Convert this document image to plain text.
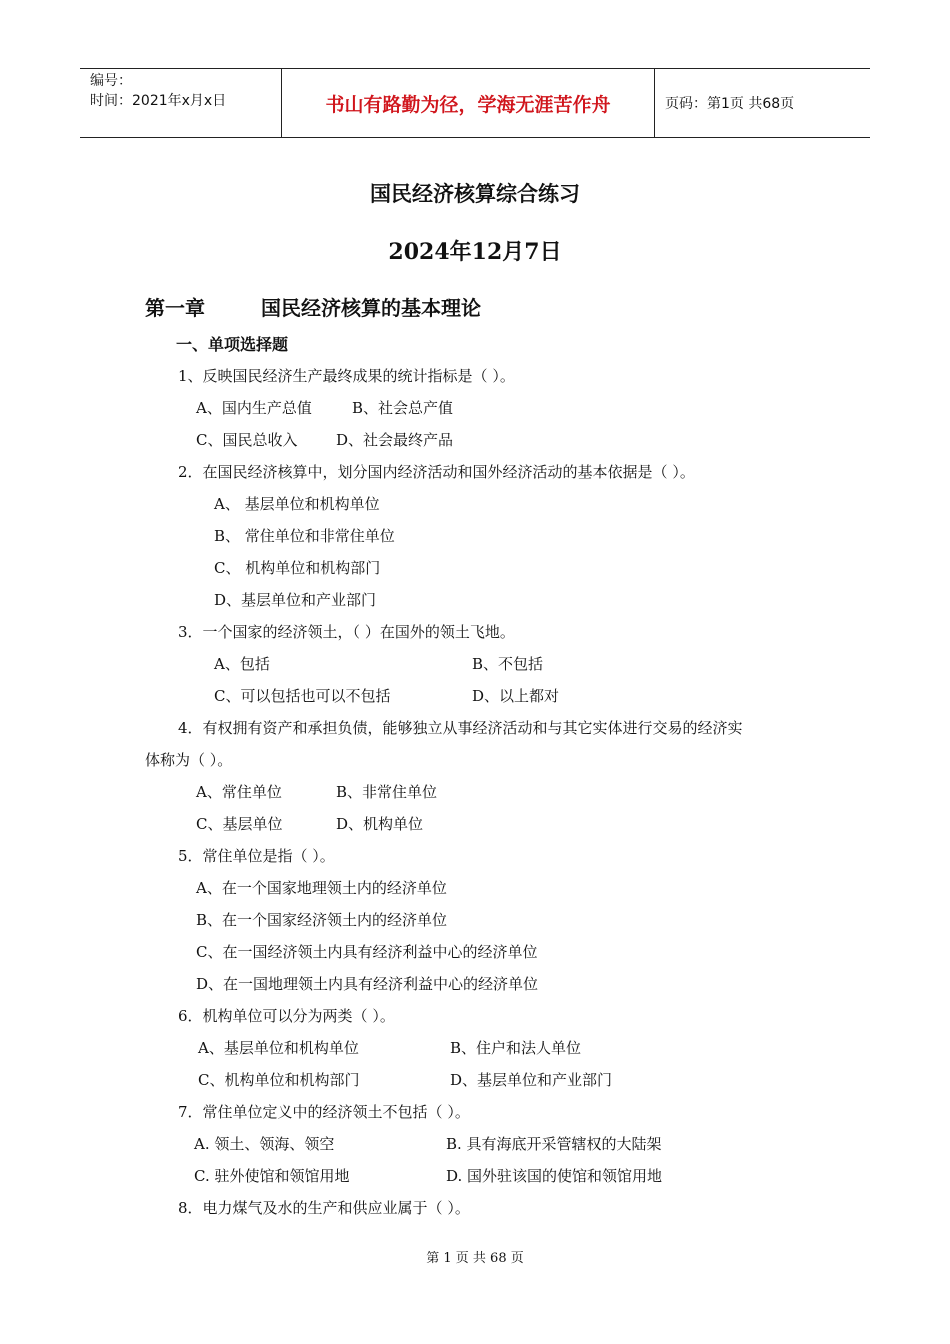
编号：
时间：2021年x月x日	书山有路勤为径，学海无涯苦作舟	页码：第1页 共68页
国民经济核算综合练习
2024年12月7日
第一章	国民经济核算的基本理论
一、单项选择题
1、反映国民经济生产最终成果的统计指标是（ ）。
A、国内生产总值	B、社会总产值
C、国民总收入	D、社会最终产品
2．在国民经济核算中，划分国内经济活动和国外经济活动的基本依据是（ ）。
A、 基层单位和机构单位
B、 常住单位和非常住单位
C、 机构单位和机构部门
D、基层单位和产业部门
3．一个国家的经济领土，（ ）在国外的领土飞地。
A、包括	B、不包括
C、可以包括也可以不包括	D、以上都对
4．有权拥有资产和承担负债，能够独立从事经济活动和与其它实体进行交易的经济实
体称为（ ）。
A、常住单位	B、非常住单位
C、基层单位	D、机构单位
5．常住单位是指（ ）。
A、在一个国家地理领土内的经济单位
B、在一个国家经济领土内的经济单位
C、在一国经济领土内具有经济利益中心的经济单位
D、在一国地理领土内具有经济利益中心的经济单位
6．机构单位可以分为两类（ ）。
A、基层单位和机构单位	B、住户和法人单位
C、机构单位和机构部门	D、基层单位和产业部门
7．常住单位定义中的经济领土不包括（ ）。
A. 领土、领海、领空	B. 具有海底开采管辖权的大陆架
C. 驻外使馆和领馆用地	D. 国外驻该国的使馆和领馆用地
8．电力煤气及水的生产和供应业属于（ ）。
第 1 页 共 68 页
